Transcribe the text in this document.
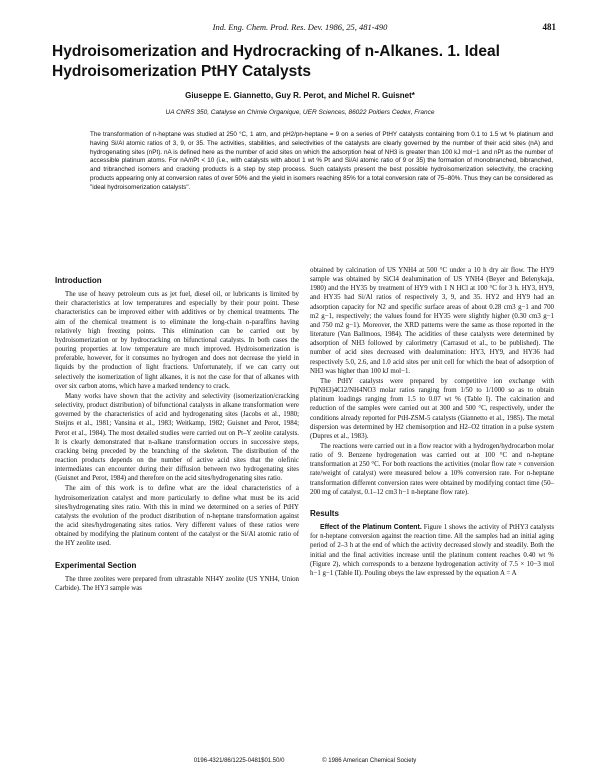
Ind. Eng. Chem. Prod. Res. Dev. 1986, 25, 481-490	481
Hydroisomerization and Hydrocracking of n-Alkanes. 1. Ideal Hydroisomerization PtHY Catalysts
Giuseppe E. Giannetto, Guy R. Perot, and Michel R. Guisnet*
UA CNRS 350, Catalyse en Chimie Organique, UER Sciences, 86022 Poitiers Cedex, France

The transformation of n-heptane was studied at 250 °C, 1 atm, and pH2/pn-heptane = 9 on a series of PtHY catalysts containing from 0.1 to 1.5 wt % platinum and having Si/Al atomic ratios of 3, 9, or 35. The activities, stabilities, and selectivities of the catalysts are clearly governed by the number of their acid sites (nA) and hydrogenating sites (nPt). nA is defined here as the number of acid sites on which the adsorption heat of NH3 is greater than 100 kJ mol−1 and nPt as the number of accessible platinum atoms. For nA/nPt < 10 (i.e., with catalysts with about 1 wt % Pt and Si/Al atomic ratio of 9 or 35) the formation of monobranched, bibranched, and tribranched isomers and cracking products is a step by step process. Such catalysts present the best possible hydroisomerization selectivity, the cracking products appearing only at conversion rates of over 50% and the yield in isomers reaching 85% for a total conversion rate of 75–80%. Thus they can be considered as "ideal hydroisomerization catalysts".

Introduction

The use of heavy petroleum cuts as jet fuel, diesel oil, or lubricants is limited by their characteristics at low temperatures and especially by their pour point. These characteristics can be improved either with additives or by chemical treatments. The aim of the chemical treatment is to eliminate the long-chain n-paraffins having relatively high freezing points. This elimination can be carried out by hydroisomerization or by hydrocracking on bifunctional catalysts. In both cases the pouring properties at low temperature are much improved. Hydroisomerization is preferable, however, for it consumes no hydrogen and does not decrease the yield in liquids by the production of light fractions. Unfortunately, if we can carry out selectively the isomerization of light alkanes, it is not the case for that of alkanes with over six carbon atoms, which have a marked tendency to crack.

Many works have shown that the activity and selectivity (isomerization/cracking selectivity, product distribution) of bifunctional catalysts in alkane transformation were governed by the characteristics of acid and hydrogenating sites (Jacobs et al., 1980; Steijns et al., 1981; Vansina et al., 1983; Weitkamp, 1982; Guisnet and Perot, 1984; Perot et al., 1984). The most detailed studies were carried out on Pt–Y zeolite catalysts. It is clearly demonstrated that n-alkane transformation occurs in successive steps, cracking being preceded by the branching of the skeleton. The distribution of the reaction products depends on the number of active acid sites that the olefinic intermediates can encounter during their diffusion between two hydrogenating sites (Guisnet and Perot, 1984) and therefore on the acid sites/hydrogenating sites ratio.

The aim of this work is to define what are the ideal characteristics of a hydroisomerization catalyst and more particularly to define what must be its acid sites/hydrogenating sites ratio. With this in mind we determined on a series of PtHY catalysts the evolution of the product distribution of n-heptane transformation against the acid sites/hydrogenating sites ratios. Very different values of these ratios were obtained by modifying the platinum content of the catalyst or the Si/Al atomic ratio of the HY zeolite used.

Experimental Section

The three zeolites were prepared from ultrastable NH4Y zeolite (US YNH4, Union Carbide). The HY3 sample was

obtained by calcination of US YNH4 at 500 °C under a 10 h dry air flow. The HY9 sample was obtained by SiCl4 dealumination of US YNH4 (Beyer and Belenykaja, 1980) and the HY35 by treatment of HY9 with 1 N HCl at 100 °C for 3 h. HY3, HY9, and HY35 had Si/Al ratios of respectively 3, 9, and 35. HY2 and HY9 had an adsorption capacity for N2 and specific surface areas of about 0.28 cm3 g−1 and 700 m2 g−1, respectively; the values found for HY35 were slightly higher (0.30 cm3 g−1 and 750 m2 g−1). Moreover, the XRD patterns were the same as those reported in the literature (Van Ballmoos, 1984). The acidities of these catalysts were determined by adsorption of NH3 followed by calorimetry (Carrasud et al., to be published). The number of acid sites decreased with dealumination: HY3, HY9, and HY36 had respectively 5.0, 2.6, and 1.0 acid sites per unit cell for which the heat of adsorption of NH3 was higher than 100 kJ mol−1.

The PtHY catalysts were prepared by competitive ion exchange with Pt(NH3)4Cl2/NH4NO3 molar ratios ranging from 1/50 to 1/1000 so as to obtain platinum loadings ranging from 1.5 to 0.07 wt % (Table I). The calcination and reduction of the samples were carried out at 300 and 500 °C, respectively, under the conditions already reported for PtH-ZSM-5 catalysts (Giannetto et al., 1985). The metal dispersion was determined by H2 chemisorption and H2–O2 titration in a pulse system (Dupres et al., 1983).

The reactions were carried out in a flow reactor with a hydrogen/hydrocarbon molar ratio of 9. Benzene hydrogenation was carried out at 100 °C and n-heptane transformation at 250 °C. For both reactions the activities (molar flow rate × conversion rate/weight of catalyst) were measured below a 10% conversion rate. For n-heptane transformation different conversion rates were obtained by modifying contact time (50–200 mg of catalyst, 0.1–12 cm3 h−1 n-heptane flow rate).

Results

Effect of the Platinum Content. Figure 1 shows the activity of PtHY3 catalysts for n-heptane conversion against the reaction time. All the samples had an initial aging period of 2–3 h at the end of which the activity decreased slowly and steadily. Both the initial and the final activities increase until the platinum content reaches 0.40 wt % (Figure 2), which corresponds to a benzene hydrogenation activity of 7.5 × 10−3 mol h−1 g−1 (Table II). Pouling obeys the law expressed by the equation A = A

0196-4321/86/1225-0481$01.50/0	© 1986 American Chemical Society
